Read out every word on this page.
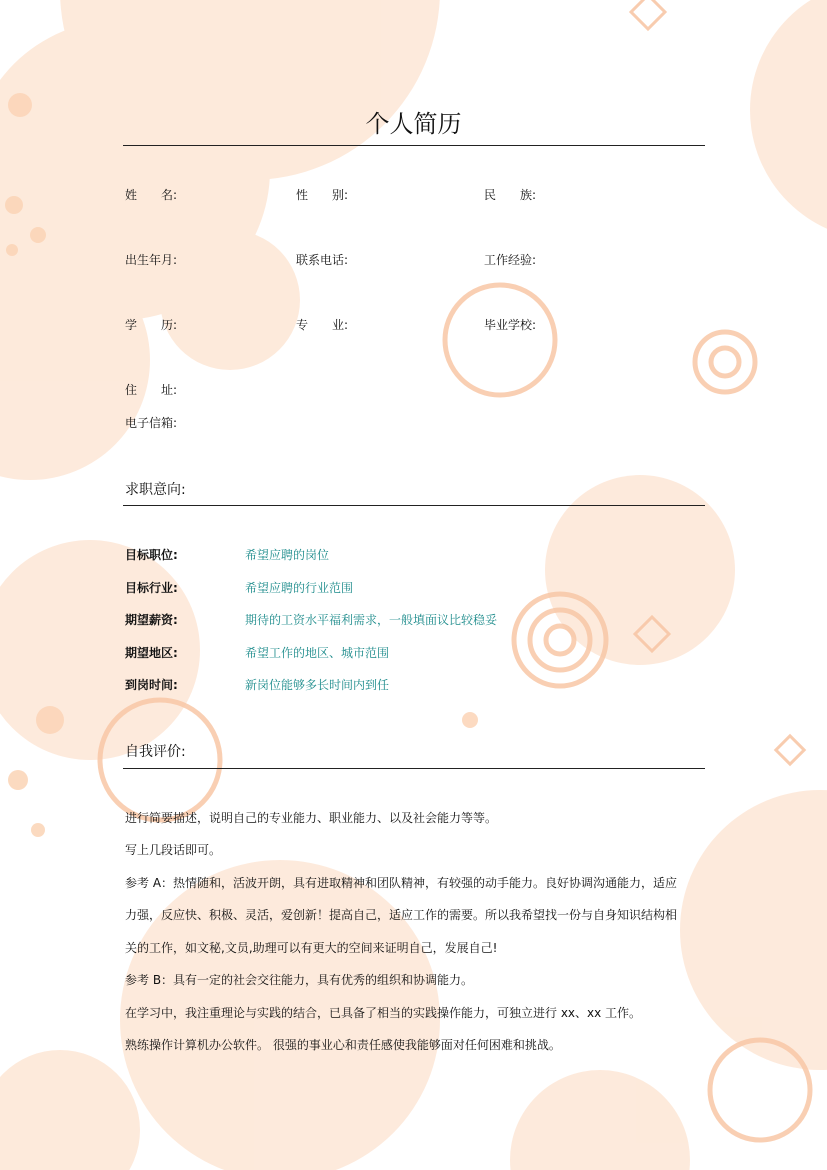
个人简历
姓　　名:	性　　别:	民　　族:
出生年月:	联系电话:	工作经验:
学　　历:	专　　业:	毕业学校:
住　　址:
电子信箱:
求职意向:
目标职位:	希望应聘的岗位
目标行业:	希望应聘的行业范围
期望薪资:	期待的工资水平福利需求，一般填面议比较稳妥
期望地区:	希望工作的地区、城市范围
到岗时间:	新岗位能够多长时间内到任
自我评价:
进行简要描述，说明自己的专业能力、职业能力、以及社会能力等等。
写上几段话即可。
参考 A：热情随和，活波开朗，具有进取精神和团队精神，有较强的动手能力。良好协调沟通能力，适应
力强，反应快、积极、灵活，爱创新！提高自己，适应工作的需要。所以我希望找一份与自身知识结构相
关的工作，如文秘,文员,助理可以有更大的空间来证明自己，发展自己!
参考 B：具有一定的社会交往能力，具有优秀的组织和协调能力。
在学习中，我注重理论与实践的结合，已具备了相当的实践操作能力，可独立进行 xx、xx 工作。
熟练操作计算机办公软件。 很强的事业心和责任感使我能够面对任何困难和挑战。
